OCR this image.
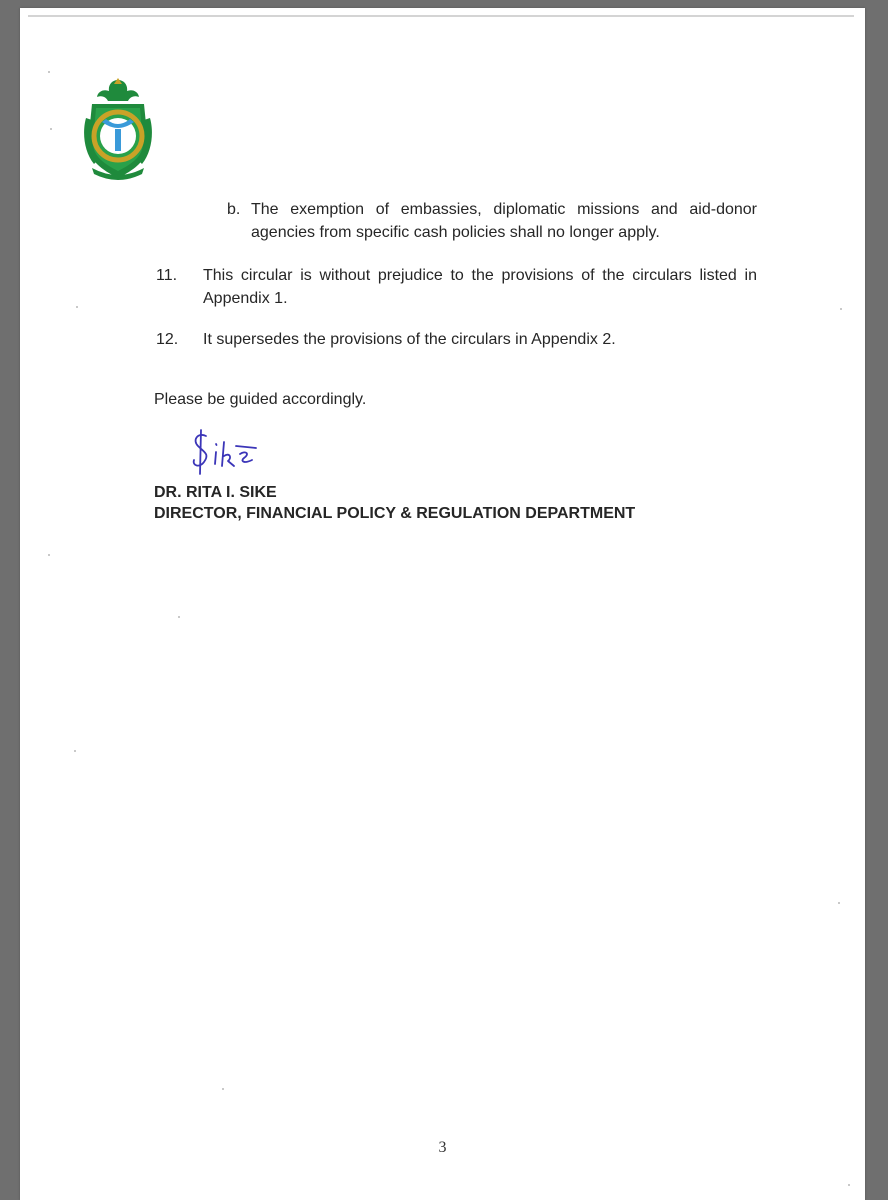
b. The exemption of embassies, diplomatic missions and aid-donor agencies from specific cash policies shall no longer apply.
11. This circular is without prejudice to the provisions of the circulars listed in Appendix 1.
12. It supersedes the provisions of the circulars in Appendix 2.
Please be guided accordingly.
DR. RITA I. SIKE
DIRECTOR, FINANCIAL POLICY & REGULATION DEPARTMENT
3
